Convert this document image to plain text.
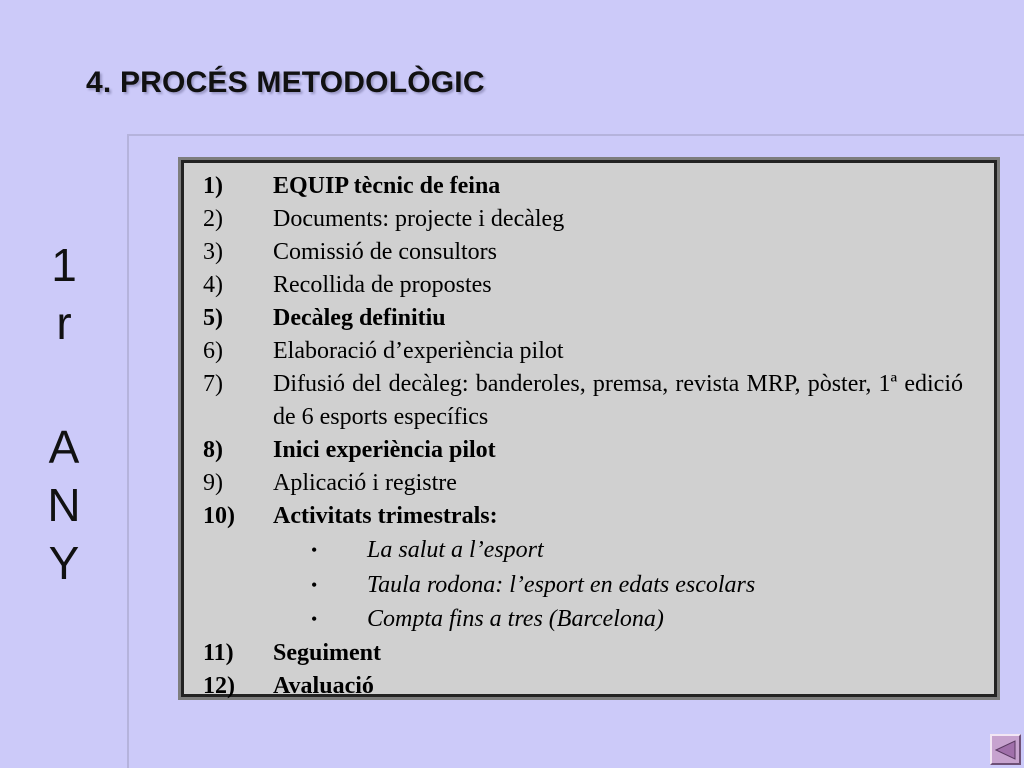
4. PROCÉS METODOLÒGIC
1
r
A
N
Y
1)	EQUIP tècnic de feina
2)	Documents: projecte i decàleg
3)	Comissió de consultors
4)	Recollida de propostes
5)	Decàleg definitiu
6)	Elaboració d’experiència pilot
7)	Difusió del decàleg: banderoles, premsa, revista MRP, pòster, 1ª edició de 6 esports específics
8)	Inici experiència pilot
9)	Aplicació i registre
10)	Activitats trimestrals:
•	La salut a l’esport
•	Taula rodona: l’esport en edats escolars
•	Compta fins a tres (Barcelona)
11)	Seguiment
12)	Avaluació
